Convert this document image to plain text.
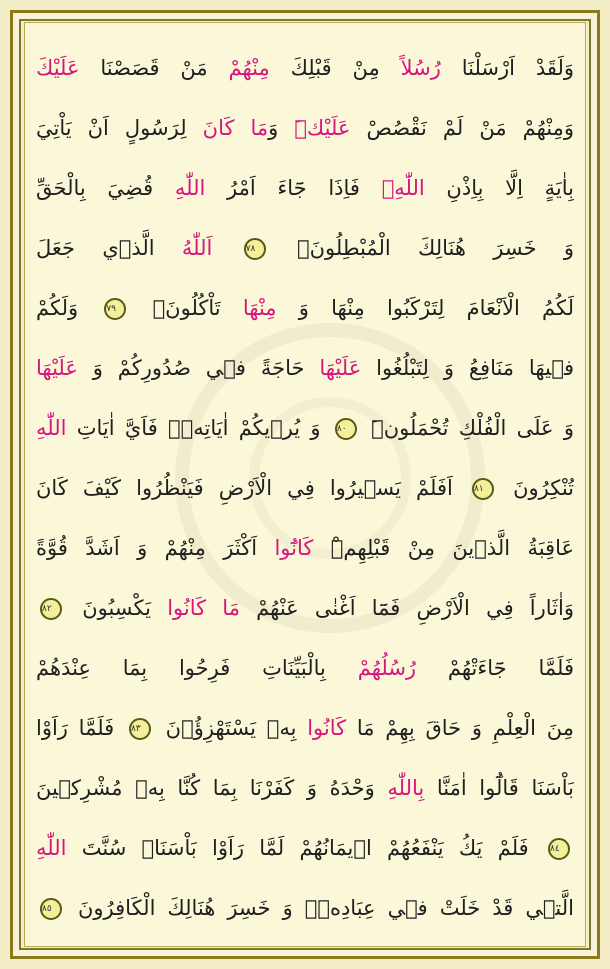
وَلَقَدْ اَرْسَلْنَا رُسُلاً مِنْ قَبْلِكَ مِنْهُمْ مَنْ قَصَصْنَا عَلَيْكَ
وَمِنْهُمْ مَنْ لَمْ نَقْصُصْ عَلَيْكَۜ وَمَا كَانَ لِرَسُولٍ اَنْ يَاْتِيَ
بِاٰيَةٍ اِلَّا بِاِذْنِ اللّٰهِۚ فَاِذَا جَٓاءَ اَمْرُ اللّٰهِ قُضِيَ بِالْحَقِّ
وَ خَسِرَ هُنَالِكَ الْمُبْطِلُونَ۟ ٧٨ اَللّٰهُ الَّذ۪ي جَعَلَ
لَكُمُ الْاَنْعَامَ لِتَرْكَبُوا مِنْهَا وَ مِنْهَا تَاْكُلُونَۘ ٧٩ وَلَكُمْ
ف۪يهَا مَنَافِعُ وَ لِتَبْلُغُوا عَلَيْهَا حَاجَةً ف۪ي صُدُورِكُمْ وَ عَلَيْهَا
وَ عَلَى الْفُلْكِ تُحْمَلُونَۜ ٨٠ وَ يُر۪يكُمْ اٰيَاتِه۪ۗ فَاَيَّ اٰيَاتِ اللّٰهِ
تُنْكِرُونَ ٨١ اَفَلَمْ يَس۪يرُوا فِي الْاَرْضِ فَيَنْظُرُوا كَيْفَ كَانَ
عَاقِبَةُ الَّذ۪ينَ مِنْ قَبْلِهِمْۜ كَانُٓوا اَكْثَرَ مِنْهُمْ وَ اَشَدَّ قُوَّةً
وَاٰثَاراً فِي الْاَرْضِ فَمَٓا اَغْنٰى عَنْهُمْ مَا كَانُوا يَكْسِبُونَ ٨٢
فَلَمَّا جَٓاءَتْهُمْ رُسُلُهُمْ بِالْبَيِّنَاتِ فَرِحُوا بِمَا عِنْدَهُمْ
مِنَ الْعِلْمِ وَ حَاقَ بِهِمْ مَا كَانُوا بِه۪ يَسْتَهْزِؤُ۫نَ ٨٣ فَلَمَّا رَاَوْا
بَاْسَنَا قَالُٓوا اٰمَنَّا بِاللّٰهِ وَحْدَهُ وَ كَفَرْنَا بِمَا كُنَّا بِه۪ مُشْرِك۪ينَ
٨٤ فَلَمْ يَكُ يَنْفَعُهُمْ ا۪يمَانُهُمْ لَمَّا رَاَوْا بَاْسَنَاۜ سُنَّتَ اللّٰهِ
الَّت۪ي قَدْ خَلَتْ ف۪ي عِبَادِه۪ۚ وَ خَسِرَ هُنَالِكَ الْكَافِرُونَ ٨٥
